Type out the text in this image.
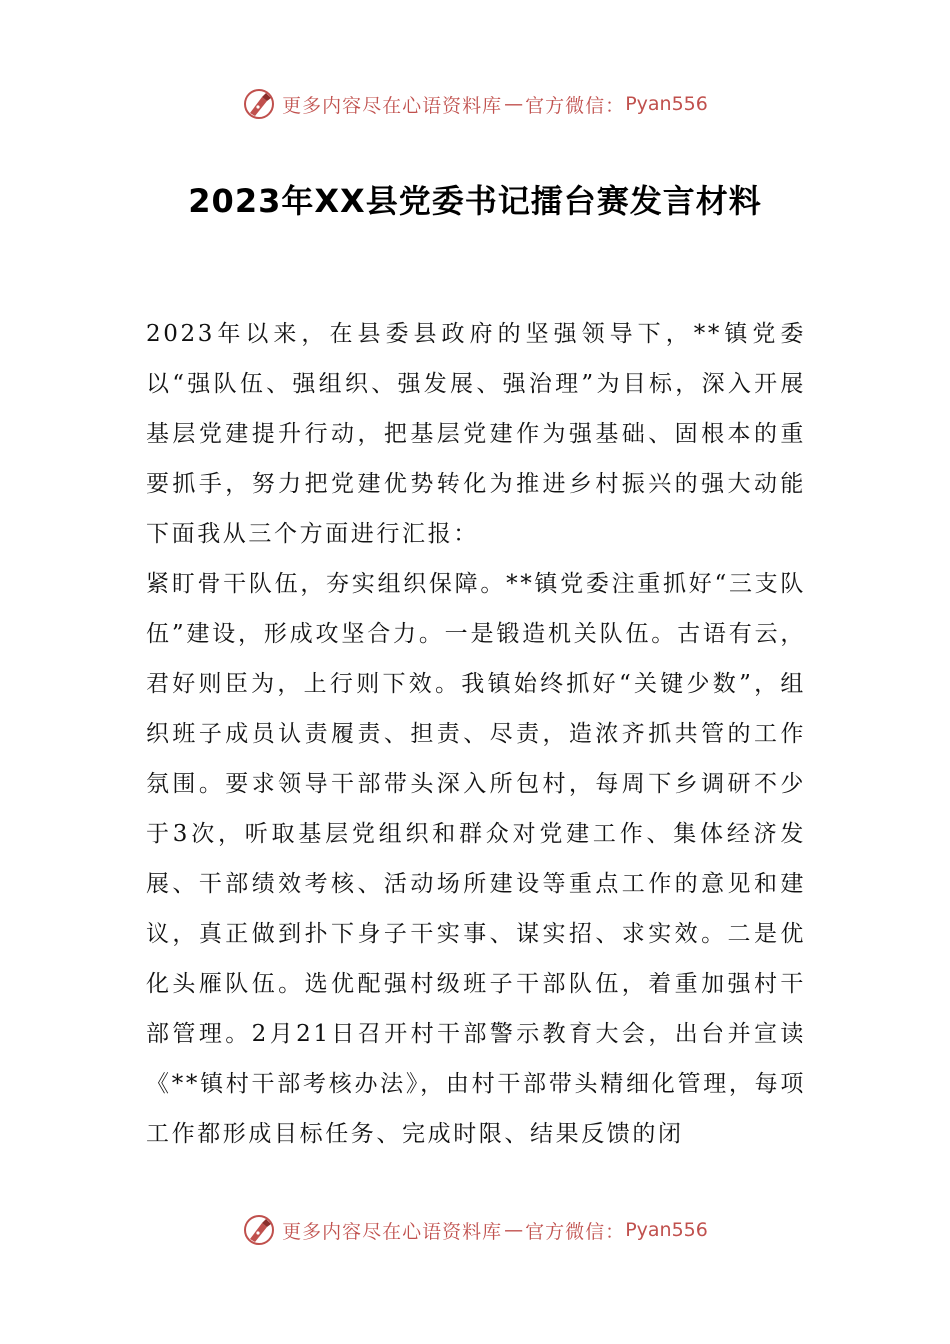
更多内容尽在心语资料库 — 官方微信： Pyan556
2023年XX县党委书记擂台赛发言材料

2023年以来，在县委县政府的坚强领导下，**镇党委以“强队伍、强组织、强发展、强治理”为目标，深入开展基层党建提升行动，把基层党建作为强基础、固根本的重要抓手，努力把党建优势转化为推进乡村振兴的强大动能下面我从三个方面进行汇报：

紧盯骨干队伍，夯实组织保障。**镇党委注重抓好“三支队伍”建设，形成攻坚合力。一是锻造机关队伍。古语有云，君好则臣为，上行则下效。我镇始终抓好“关键少数”，组织班子成员认责履责、担责、尽责，造浓齐抓共管的工作氛围。要求领导干部带头深入所包村，每周下乡调研不少于3次，听取基层党组织和群众对党建工作、集体经济发展、干部绩效考核、活动场所建设等重点工作的意见和建议，真正做到扑下身子干实事、谋实招、求实效。二是优化头雁队伍。选优配强村级班子干部队伍，着重加强村干部管理。2月21日召开村干部警示教育大会，出台并宣读《**镇村干部考核办法》，由村干部带头精细化管理，每项工作都形成目标任务、完成时限、结果反馈的闭

更多内容尽在心语资料库 — 官方微信： Pyan556
